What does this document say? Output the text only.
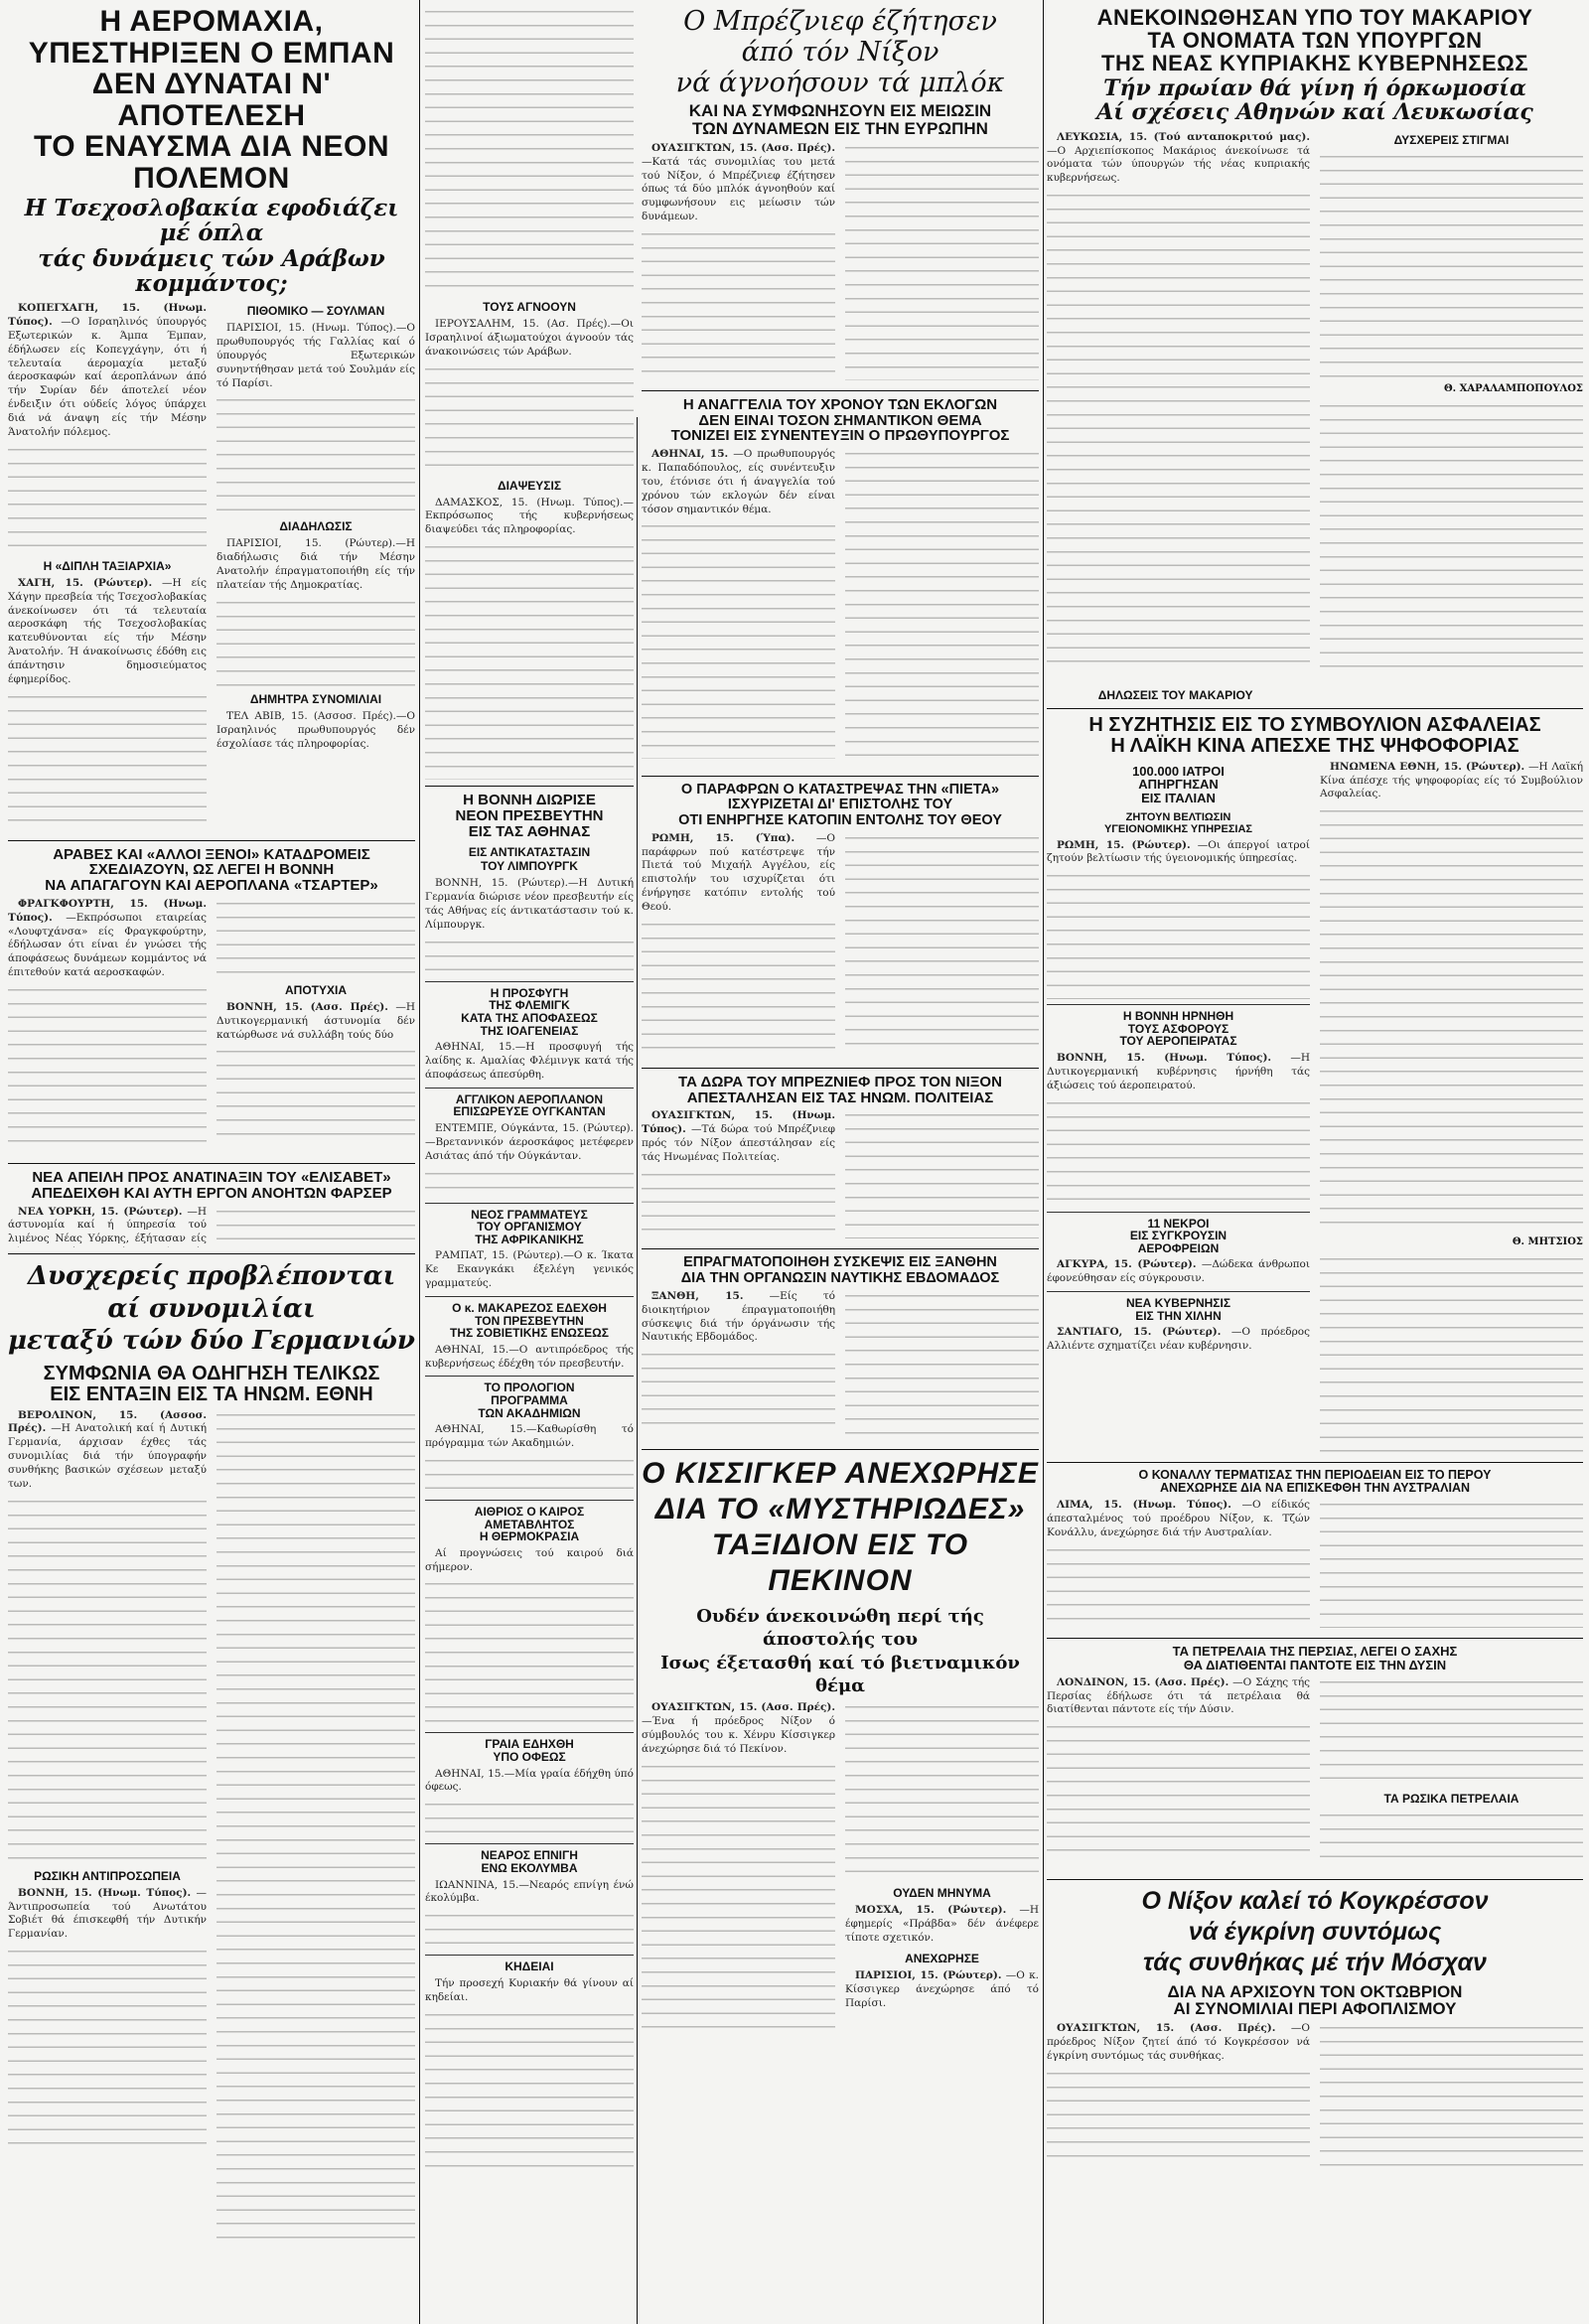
Η ΑΕΡΟΜΑΧΙΑ, ΥΠΕΣΤΗΡΙΞΕΝ Ο ΕΜΠΑΝ
ΔΕΝ ΔΥΝΑΤΑΙ Ν' ΑΠΟΤΕΛΕΣΗ
ΤΟ ΕΝΑΥΣΜΑ ΔΙΑ ΝΕΟΝ ΠΟΛΕΜΟΝ
Η Τσεχοσλοβακία εφοδιάζει μέ όπλα
τάς δυνάμεις τών Αράβων κομμάντος;

ΚΟΠΕΓΧΑΓΗ, 15. (Ηνωμ. Τύπος). —Ο Ισραηλινός ύπουργός Εξωτερικών κ. Άμπα Έμπαν, έδήλωσεν είς Κοπεγχάγην, ότι ή τελευταία άερομαχία μεταξύ άεροσκαφών καί άεροπλάνων άπό τήν Συρίαν δέν άποτελεί νέον ένδειξιν ότι ούδείς λόγος ύπάρχει διά νά άναψη είς τήν Μέσην Άνατολήν πόλεμος.

Η «ΔΙΠΛΗ ΤΑΞΙΑΡΧΙΑ»

ΧΑΓΗ, 15. (Ρώυτερ). —Η είς Χάγην πρεσβεία τής Τσεχοσλοβακίας άνεκοίνωσεν ότι τά τελευταία αεροσκάφη τής Τσεχοσλοβακίας κατευθύνονται είς τήν Μέσην Άνατολήν. Ή άνακοίνωσις έδόθη εις άπάντησιν δημοσιεύματος έφημερίδος.

ΠΙΘΟΜΙΚΟ — ΣΟΥΛΜΑΝ

ΠΑΡΙΣΙΟΙ, 15. (Ηνωμ. Τύπος).—Ο πρωθυπουργός τής Γαλλίας καί ό ύπουργός Εξωτερικών συνηντήθησαν μετά τού Σουλμάν είς τό Παρίσι.

ΔΙΑΔΗΛΩΣΙΣ

ΠΑΡΙΣΙΟΙ, 15. (Ρώυτερ).—Η διαδήλωσις διά τήν Μέσην Ανατολήν έπραγματοποιήθη είς τήν πλατείαν τής Δημοκρατίας.

ΔΗΜΗΤΡΑ ΣΥΝΟΜΙΛΙΑΙ

ΤΕΛ ΑΒΙΒ, 15. (Ασσοσ. Πρές).—Ο Ισραηλινός πρωθυπουργός δέν έσχολίασε τάς πληροφορίας.

ΑΡΑΒΕΣ ΚΑΙ «ΑΛΛΟΙ ΞΕΝΟΙ» ΚΑΤΑΔΡΟΜΕΙΣ
ΣΧΕΔΙΑΖΟΥΝ, ΩΣ ΛΕΓΕΙ Η ΒΟΝΝΗ
ΝΑ ΑΠΑΓΑΓΟΥΝ ΚΑΙ ΑΕΡΟΠΛΑΝΑ «ΤΣΑΡΤΕΡ»

ΦΡΑΓΚΦΟΥΡΤΗ, 15. (Ηνωμ. Τύπος). —Εκπρόσωποι εταιρείας «Λουφτχάνσα» είς Φραγκφούρτην, έδήλωσαν ότι είναι έν γνώσει τής άποφάσεως δυνάμεων κομμάντος νά έπιτεθούν κατά αεροσκαφών.

ΑΠΟΤΥΧΙΑ

ΒΟΝΝΗ, 15. (Ασσ. Πρές). —Η Δυτικογερμανική άστυνομία δέν κατώρθωσε νά συλλάβη τούς δύο

ΝΕΑ ΑΠΕΙΛΗ ΠΡΟΣ ΑΝΑΤΙΝΑΞΙΝ ΤΟΥ «ΕΛΙΣΑΒΕΤ»
ΑΠΕΔΕΙΧΘΗ ΚΑΙ ΑΥΤΗ ΕΡΓΟΝ ΑΝΟΗΤΩΝ ΦΑΡΣΕΡ

ΝΕΑ ΥΟΡΚΗ, 15. (Ρώυτερ). —Η άστυνομία καί ή ύπηρεσία τού λιμένος Νέας Υόρκης, έξήτασαν είς

Δυσχερείς προβλέπονται
αί συνομιλίαι
μεταξύ τών δύο Γερμανιών
ΣΥΜΦΩΝΙΑ ΘΑ ΟΔΗΓΗΣΗ ΤΕΛΙΚΩΣ
ΕΙΣ ΕΝΤΑΞΙΝ ΕΙΣ ΤΑ ΗΝΩΜ. ΕΘΝΗ

ΒΕΡΟΛΙΝΟΝ, 15. (Ασσοσ. Πρές). —Η Ανατολική καί ή Δυτική Γερμανία, άρχισαν έχθες τάς συνομιλίας διά τήν ύπογραφήν συνθήκης βασικών σχέσεων μεταξύ των.

ΡΩΣΙΚΗ ΑΝΤΙΠΡΟΣΩΠΕΙΑ

ΒΟΝΝΗ, 15. (Ηνωμ. Τύπος). —Άντιπροσωπεία τού Ανωτάτου Σοβιέτ θά έπισκεφθή τήν Δυτικήν Γερμανίαν.

ΤΟΥΣ ΑΓΝΟΟΥΝ

ΙΕΡΟΥΣΑΛΗΜ, 15. (Ασ. Πρές).—Οι Ισραηλινοί άξιωματούχοι άγνοούν τάς άνακοινώσεις τών Αράβων.

ΔΙΑΨΕΥΣΙΣ

ΔΑΜΑΣΚΟΣ, 15. (Ηνωμ. Τύπος).—Εκπρόσωπος τής κυβερνήσεως διαψεύδει τάς πληροφορίας.

Η ΒΟΝΝΗ ΔΙΩΡΙΣΕ
ΝΕΟΝ ΠΡΕΣΒΕΥΤΗΝ
ΕΙΣ ΤΑΣ ΑΘΗΝΑΣ
ΕΙΣ ΑΝΤΙΚΑΤΑΣΤΑΣΙΝ
ΤΟΥ ΛΙΜΠΟΥΡΓΚ

ΒΟΝΝΗ, 15. (Ρώυτερ).—Η Δυτική Γερμανία διώρισε νέον πρεσβευτήν είς τάς Αθήνας είς άντικατάστασιν τού κ. Λίμπουργκ.

Η ΠΡΟΣΦΥΓΗ
ΤΗΣ ΦΛΕΜΙΓΚ
ΚΑΤΑ ΤΗΣ ΑΠΟΦΑΣΕΩΣ
ΤΗΣ ΙΟΑΓΕΝΕΙΑΣ

ΑΘΗΝΑΙ, 15.—Η προσφυγή τής λαίδης κ. Αμαλίας Φλέμινγκ κατά τής άποφάσεως άπεσύρθη.

ΑΓΓΛΙΚΟΝ ΑΕΡΟΠΛΑΝΟΝ ΕΠΙΣΩΡΕΥΣΕ ΟΥΓΚΑΝΤΑΝ

ΕΝΤΕΜΠΕ, Ούγκάντα, 15. (Ρώυτερ).—Βρεταννικόν άεροσκάφος μετέφερεν Ασιάτας άπό τήν Ούγκάνταν.

ΝΕΟΣ ΓΡΑΜΜΑΤΕΥΣ
ΤΟΥ ΟΡΓΑΝΙΣΜΟΥ
ΤΗΣ ΑΦΡΙΚΑΝΙΚΗΣ

ΡΑΜΠΑΤ, 15. (Ρώυτερ).—Ο κ. Ίκατα Κε Εκανγκάκι έξελέγη γενικός γραμματεύς.

Ο κ. ΜΑΚΑΡΕΖΟΣ ΕΔΕΧΘΗ
ΤΟΝ ΠΡΕΣΒΕΥΤΗΝ
ΤΗΣ ΣΟΒΙΕΤΙΚΗΣ ΕΝΩΣΕΩΣ

ΑΘΗΝΑΙ, 15.—Ο αντιπρόεδρος τής κυβερνήσεως έδέχθη τόν πρεσβευτήν.

ΤΟ ΠΡΟΛΟΓΙΟΝ
ΠΡΟΓΡΑΜΜΑ
ΤΩΝ ΑΚΑΔΗΜΙΩΝ

ΑΘΗΝΑΙ, 15.—Καθωρίσθη τό πρόγραμμα τών Ακαδημιών.

ΑΙΘΡΙΟΣ Ο ΚΑΙΡΟΣ
ΑΜΕΤΑΒΛΗΤΟΣ
Η ΘΕΡΜΟΚΡΑΣΙΑ

Αί προγνώσεις τού καιρού διά σήμερον.

ΓΡΑΙΑ ΕΔΗΧΘΗ
ΥΠΟ ΟΦΕΩΣ

ΑΘΗΝΑΙ, 15.—Μία γραία έδήχθη ύπό όφεως.

ΝΕΑΡΟΣ ΕΠΝΙΓΗ
ΕΝΩ ΕΚΟΛΥΜΒΑ

ΙΩΑΝΝΙΝΑ, 15.—Νεαρός επνίγη ένώ έκολύμβα.

ΚΗΔΕΙΑΙ

Τήν προσεχή Κυριακήν θά γίνουν αί κηδείαι.

Ο Μπρέζνιεφ έζήτησεν
άπό τόν Νίξον
νά άγνοήσουν τά μπλόκ
ΚΑΙ ΝΑ ΣΥΜΦΩΝΗΣΟΥΝ ΕΙΣ ΜΕΙΩΣΙΝ
ΤΩΝ ΔΥΝΑΜΕΩΝ ΕΙΣ ΤΗΝ ΕΥΡΩΠΗΝ

ΟΥΑΣΙΓΚΤΩΝ, 15. (Ασσ. Πρές). —Κατά τάς συνομιλίας του μετά τού Νίξον, ό Μπρέζνιεφ έζήτησεν όπως τά δύο μπλόκ άγνοηθούν καί συμφωνήσουν εις μείωσιν τών δυνάμεων.

Η ΑΝΑΓΓΕΛΙΑ ΤΟΥ ΧΡΟΝΟΥ ΤΩΝ ΕΚΛΟΓΩΝ
ΔΕΝ ΕΙΝΑΙ ΤΟΣΟΝ ΣΗΜΑΝΤΙΚΟΝ ΘΕΜΑ
ΤΟΝΙΖΕΙ ΕΙΣ ΣΥΝΕΝΤΕΥΞΙΝ Ο ΠΡΩΘΥΠΟΥΡΓΟΣ

ΑΘΗΝΑΙ, 15. —Ο πρωθυπουργός κ. Παπαδόπουλος, είς συνέντευξιν του, έτόνισε ότι ή άναγγελία τού χρόνου τών εκλογών δέν είναι τόσον σημαντικόν θέμα.

Ο ΠΑΡΑΦΡΩΝ Ο ΚΑΤΑΣΤΡΕΨΑΣ ΤΗΝ «ΠΙΕΤΑ»
ΙΣΧΥΡΙΖΕΤΑΙ ΔΙ' ΕΠΙΣΤΟΛΗΣ ΤΟΥ
ΟΤΙ ΕΝΗΡΓΗΣΕ ΚΑΤΟΠΙΝ ΕΝΤΟΛΗΣ ΤΟΥ ΘΕΟΥ

ΡΩΜΗ, 15. (Ύπα). —Ο παράφρων πού κατέστρεψε τήν Πιετά τού Μιχαήλ Αγγέλου, είς επιστολήν του ισχυρίζεται ότι ένήργησε κατόπιν εντολής τού Θεού.

ΤΑ ΔΩΡΑ ΤΟΥ ΜΠΡΕΖΝΙΕΦ ΠΡΟΣ ΤΟΝ ΝΙΞΟΝ
ΑΠΕΣΤΑΛΗΣΑΝ ΕΙΣ ΤΑΣ ΗΝΩΜ. ΠΟΛΙΤΕΙΑΣ

ΟΥΑΣΙΓΚΤΩΝ, 15. (Ηνωμ. Τύπος). —Τά δώρα τού Μπρέζνιεφ πρός τόν Νίξον άπεστάλησαν είς τάς Ηνωμένας Πολιτείας.

ΕΠΡΑΓΜΑΤΟΠΟΙΗΘΗ ΣΥΣΚΕΨΙΣ ΕΙΣ ΞΑΝΘΗΝ
ΔΙΑ ΤΗΝ ΟΡΓΑΝΩΣΙΝ ΝΑΥΤΙΚΗΣ ΕΒΔΟΜΑΔΟΣ

ΞΑΝΘΗ, 15. —Είς τό διοικητήριον έπραγματοποιήθη σύσκεψις διά τήν όργάνωσιν τής Ναυτικής Εβδομάδος.

Ο ΚΙΣΣΙΓΚΕΡ ΑΝΕΧΩΡΗΣΕ
ΔΙΑ ΤΟ «ΜΥΣΤΗΡΙΩΔΕΣ»
ΤΑΞΙΔΙΟΝ ΕΙΣ ΤΟ ΠΕΚΙΝΟΝ
Ουδέν άνεκοινώθη περί τής άποστολής του
Ισως έξετασθή καί τό βιετναμικόν θέμα

ΟΥΑΣΙΓΚΤΩΝ, 15. (Ασσ. Πρές). —Ένα ή πρόεδρος Νίξον ό σύμβουλός του κ. Χένρυ Κίσσιγκερ άνεχώρησε διά τό Πεκίνον.

ΟΥΔΕΝ ΜΗΝΥΜΑ

ΜΟΣΧΑ, 15. (Ρώυτερ). —Η έφημερίς «Πράβδα» δέν άνέφερε τίποτε σχετικόν.

ΑΝΕΧΩΡΗΣΕ

ΠΑΡΙΣΙΟΙ, 15. (Ρώυτερ). —Ο κ. Κίσσιγκερ άνεχώρησε άπό τό Παρίσι.

ΑΝΕΚΟΙΝΩΘΗΣΑΝ ΥΠΟ ΤΟΥ ΜΑΚΑΡΙΟΥ
ΤΑ ΟΝΟΜΑΤΑ ΤΩΝ ΥΠΟΥΡΓΩΝ
ΤΗΣ ΝΕΑΣ ΚΥΠΡΙΑΚΗΣ ΚΥΒΕΡΝΗΣΕΩΣ
Τήν πρωίαν θά γίνη ή όρκωμοσία
Αί σχέσεις Αθηνών καί Λευκωσίας

ΛΕΥΚΩΣΙΑ, 15. (Τού ανταποκριτού μας). —Ο Αρχιεπίσκοπος Μακάριος άνεκοίνωσε τά ονόματα τών ύπουργών τής νέας κυπριακής κυβερνήσεως.

ΔΥΣΧΕΡΕΙΣ ΣΤΙΓΜΑΙ
Θ. ΧΑΡΑΛΑΜΠΟΠΟΥΛΟΣ
ΔΗΛΩΣΕΙΣ ΤΟΥ ΜΑΚΑΡΙΟΥ
Η ΣΥΖΗΤΗΣΙΣ ΕΙΣ ΤΟ ΣΥΜΒΟΥΛΙΟΝ ΑΣΦΑΛΕΙΑΣ
Η ΛΑΪΚΗ ΚΙΝΑ ΑΠΕΣΧΕ ΤΗΣ ΨΗΦΟΦΟΡΙΑΣ
100.000 ΙΑΤΡΟΙ
ΑΠΗΡΓΗΣΑΝ
ΕΙΣ ΙΤΑΛΙΑΝ
ΖΗΤΟΥΝ ΒΕΛΤΙΩΣΙΝ
ΥΓΕΙΟΝΟΜΙΚΗΣ ΥΠΗΡΕΣΙΑΣ

ΡΩΜΗ, 15. (Ρώυτερ). —Οι άπεργοί ιατροί ζητούν βελτίωσιν τής ύγειονομικής ύπηρεσίας.

Η ΒΟΝΝΗ ΗΡΝΗΘΗ
ΤΟΥΣ ΑΣΦΟΡΟΥΣ
ΤΟΥ ΑΕΡΟΠΕΙΡΑΤΑΣ

ΒΟΝΝΗ, 15. (Ηνωμ. Τύπος). —Η Δυτικογερμανική κυβέρνησις ήρνήθη τάς άξιώσεις τού άεροπειρατού.

11 ΝΕΚΡΟΙ
ΕΙΣ ΣΥΓΚΡΟΥΣΙΝ
ΑΕΡΟΦΡΕΙΩΝ

ΑΓΚΥΡΑ, 15. (Ρώυτερ). —Δώδεκα άνθρωποι έφονεύθησαν είς σύγκρουσιν.

ΝΕΑ ΚΥΒΕΡΝΗΣΙΣ
ΕΙΣ ΤΗΝ ΧΙΛΗΝ

ΣΑΝΤΙΑΓΟ, 15. (Ρώυτερ). —Ο πρόεδρος Αλλιέντε σχηματίζει νέαν κυβέρνησιν.

ΗΝΩΜΕΝΑ ΕΘΝΗ, 15. (Ρώυτερ). —Η Λαϊκή Κίνα άπέσχε τής ψηφοφορίας είς τό Συμβούλιον Ασφαλείας.

Θ. ΜΗΤΣΙΟΣ
Ο ΚΟΝΑΛΛΥ ΤΕΡΜΑΤΙΣΑΣ ΤΗΝ ΠΕΡΙΟΔΕΙΑΝ ΕΙΣ ΤΟ ΠΕΡΟΥ
ΑΝΕΧΩΡΗΣΕ ΔΙΑ ΝΑ ΕΠΙΣΚΕΦΘΗ ΤΗΝ ΑΥΣΤΡΑΛΙΑΝ

ΛΙΜΑ, 15. (Ηνωμ. Τύπος). —Ο είδικός άπεσταλμένος τού προέδρου Νίξον, κ. Τζών Κονάλλυ, άνεχώρησε διά τήν Αυστραλίαν.

ΤΑ ΠΕΤΡΕΛΑΙΑ ΤΗΣ ΠΕΡΣΙΑΣ, ΛΕΓΕΙ Ο ΣΑΧΗΣ
ΘΑ ΔΙΑΤΙΘΕΝΤΑΙ ΠΑΝΤΟΤΕ ΕΙΣ ΤΗΝ ΔΥΣΙΝ

ΛΟΝΔΙΝΟΝ, 15. (Ασσ. Πρές). —Ο Σάχης τής Περσίας έδήλωσε ότι τά πετρέλαια θά διατίθενται πάντοτε είς τήν Δύσιν.

ΤΑ ΡΩΣΙΚΑ ΠΕΤΡΕΛΑΙΑ
Ο Νίξον καλεί τό Κογκρέσσον
νά έγκρίνη συντόμως
τάς συνθήκας μέ τήν Μόσχαν
ΔΙΑ ΝΑ ΑΡΧΙΣΟΥΝ ΤΟΝ ΟΚΤΩΒΡΙΟΝ
ΑΙ ΣΥΝΟΜΙΛΙΑΙ ΠΕΡΙ ΑΦΟΠΛΙΣΜΟΥ

ΟΥΑΣΙΓΚΤΩΝ, 15. (Ασσ. Πρές). —Ο πρόεδρος Νίξον ζητεί άπό τό Κογκρέσσον νά έγκρίνη συντόμως τάς συνθήκας.
